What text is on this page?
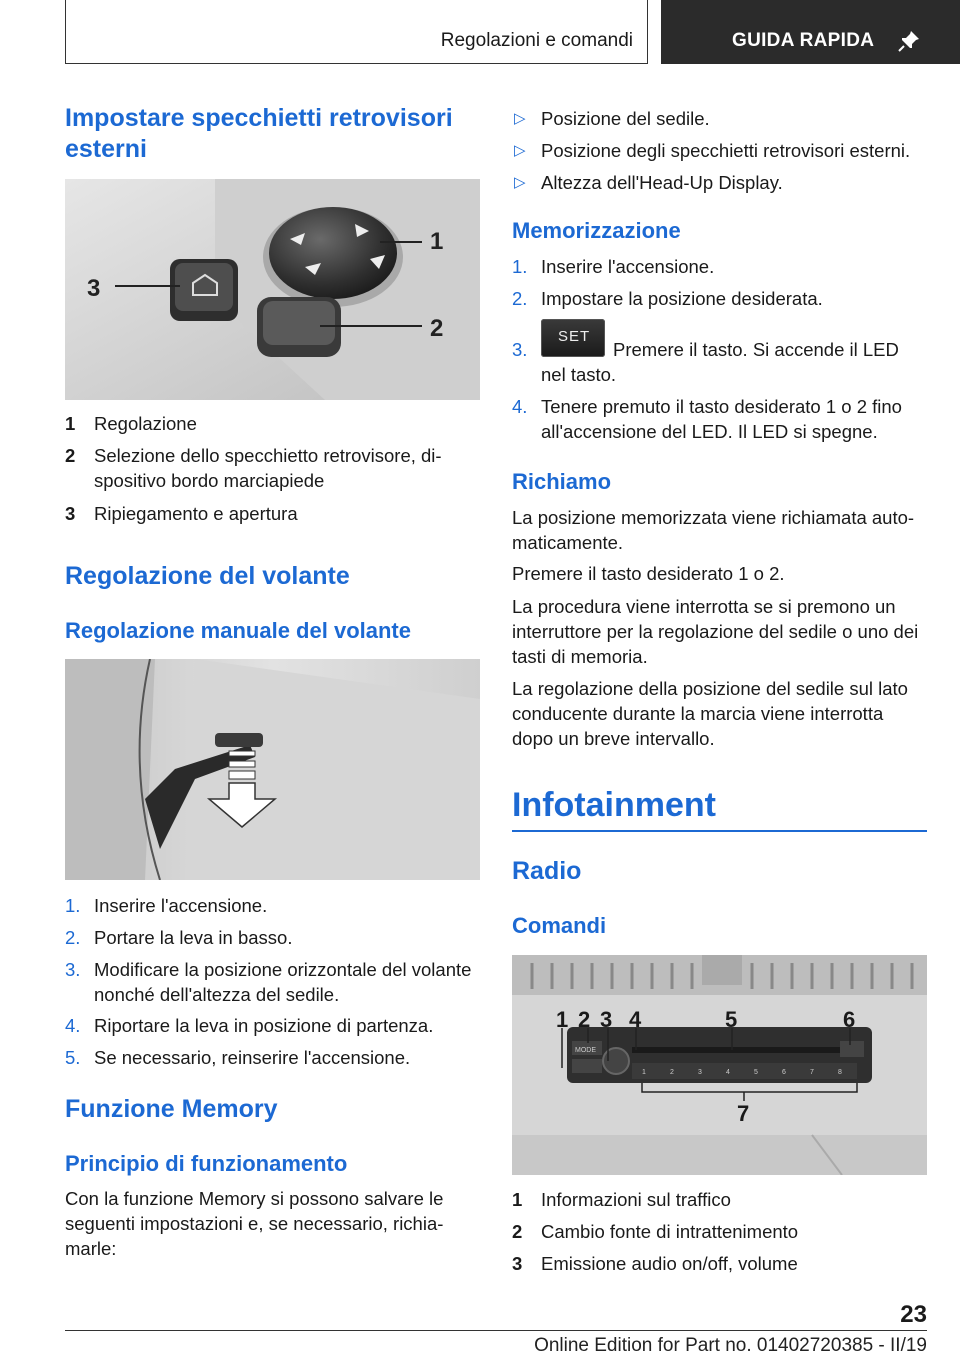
Regolazioni e comandi	GUIDA RAPIDA
Impostare specchietti retrovisori esterni
1
2
3
1 Regolazione
2 Selezione dello specchietto retrovisore, di-
spositivo bordo marciapiede
3 Ripiegamento e apertura
Regolazione del volante
Regolazione manuale del volante
1. Inserire l'accensione.
2. Portare la leva in basso.
3. Modificare la posizione orizzontale del volante nonché dell'altezza del sedile.
4. Riportare la leva in posizione di partenza.
5. Se necessario, reinserire l'accensione.
Funzione Memory
Principio di funzionamento
Con la funzione Memory si possono salvare le seguenti impostazioni e, se necessario, richia-marle:
▷ Posizione del sedile.
▷ Posizione degli specchietti retrovisori esterni.
▷ Altezza dell'Head-Up Display.
Memorizzazione
1. Inserire l'accensione.
2. Impostare la posizione desiderata.
3.
SET
Premere il tasto. Si accende il LED nel tasto.
4. Tenere premuto il tasto desiderato 1 o 2 fino all'accensione del LED. Il LED si spegne.
Richiamo
La posizione memorizzata viene richiamata auto-maticamente.
Premere il tasto desiderato 1 o 2.
La procedura viene interrotta se si premono un interruttore per la regolazione del sedile o uno dei tasti di memoria.
La regolazione della posizione del sedile sul lato conducente durante la marcia viene interrotta dopo un breve intervallo.
Infotainment
Radio
Comandi
MODE
1	2	3	4	5	6	7	8
1 2 3 4	5	6
7
1 Informazioni sul traffico
2 Cambio fonte di intrattenimento
3 Emissione audio on/off, volume
23
Online Edition for Part no. 01402720385 - II/19
